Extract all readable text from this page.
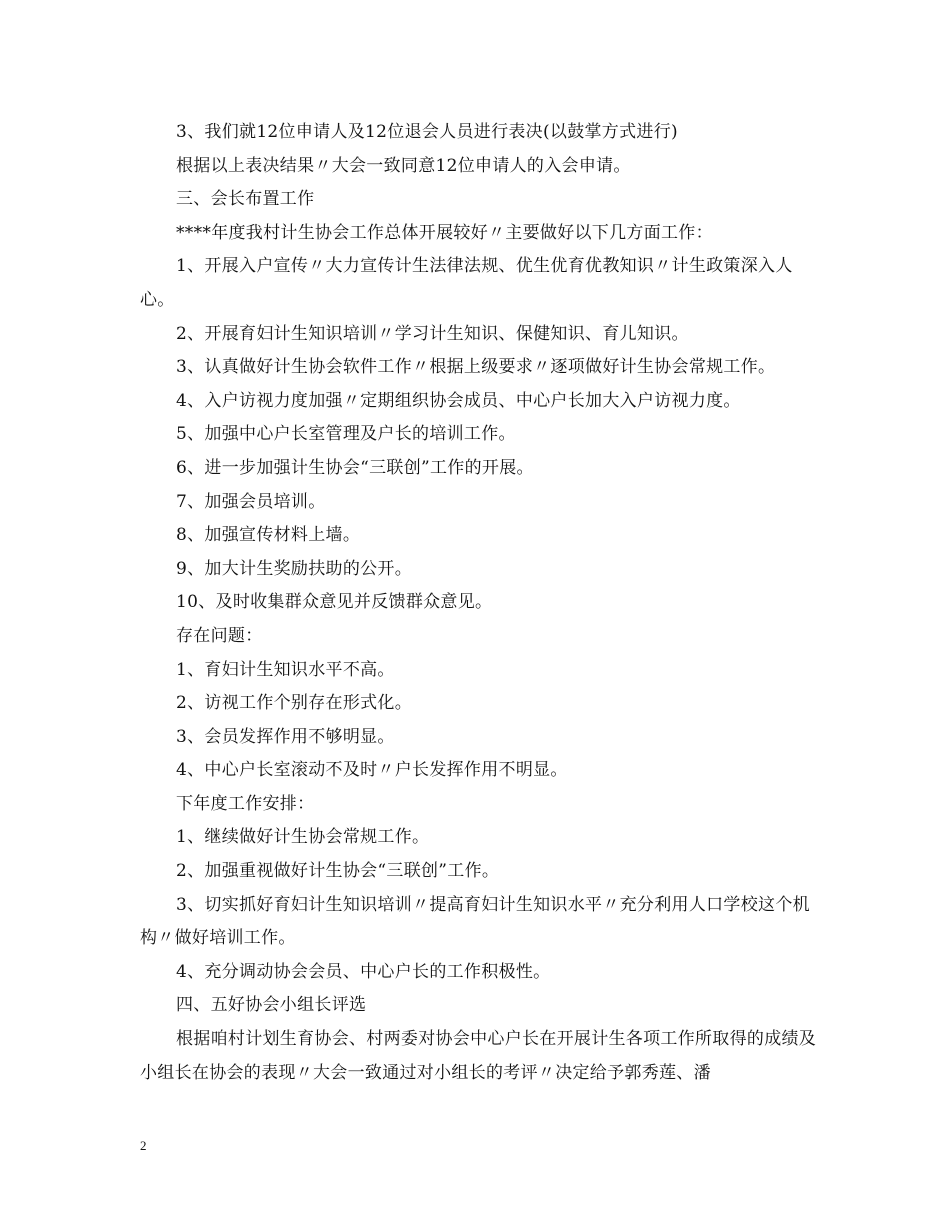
3、我们就12位申请人及12位退会人员进行表决(以鼓掌方式进行)

根据以上表决结果〃大会一致同意12位申请人的入会申请。

三、会长布置工作

****年度我村计生协会工作总体开展较好〃主要做好以下几方面工作：

1、开展入户宣传〃大力宣传计生法律法规、优生优育优教知识〃计生政策深入人心。

2、开展育妇计生知识培训〃学习计生知识、保健知识、育儿知识。

3、认真做好计生协会软件工作〃根据上级要求〃逐项做好计生协会常规工作。

4、入户访视力度加强〃定期组织协会成员、中心户长加大入户访视力度。

5、加强中心户长室管理及户长的培训工作。

6、进一步加强计生协会“三联创”工作的开展。

7、加强会员培训。

8、加强宣传材料上墙。

9、加大计生奖励扶助的公开。

10、及时收集群众意见并反馈群众意见。

存在问题：

1、育妇计生知识水平不高。

2、访视工作个别存在形式化。

3、会员发挥作用不够明显。

4、中心户长室滚动不及时〃户长发挥作用不明显。

下年度工作安排：

1、继续做好计生协会常规工作。

2、加强重视做好计生协会“三联创”工作。

3、切实抓好育妇计生知识培训〃提高育妇计生知识水平〃充分利用人口学校这个机构〃做好培训工作。

4、充分调动协会会员、中心户长的工作积极性。

四、五好协会小组长评选

根据咱村计划生育协会、村两委对协会中心户长在开展计生各项工作所取得的成绩及小组长在协会的表现〃大会一致通过对小组长的考评〃决定给予郭秀莲、潘

2
